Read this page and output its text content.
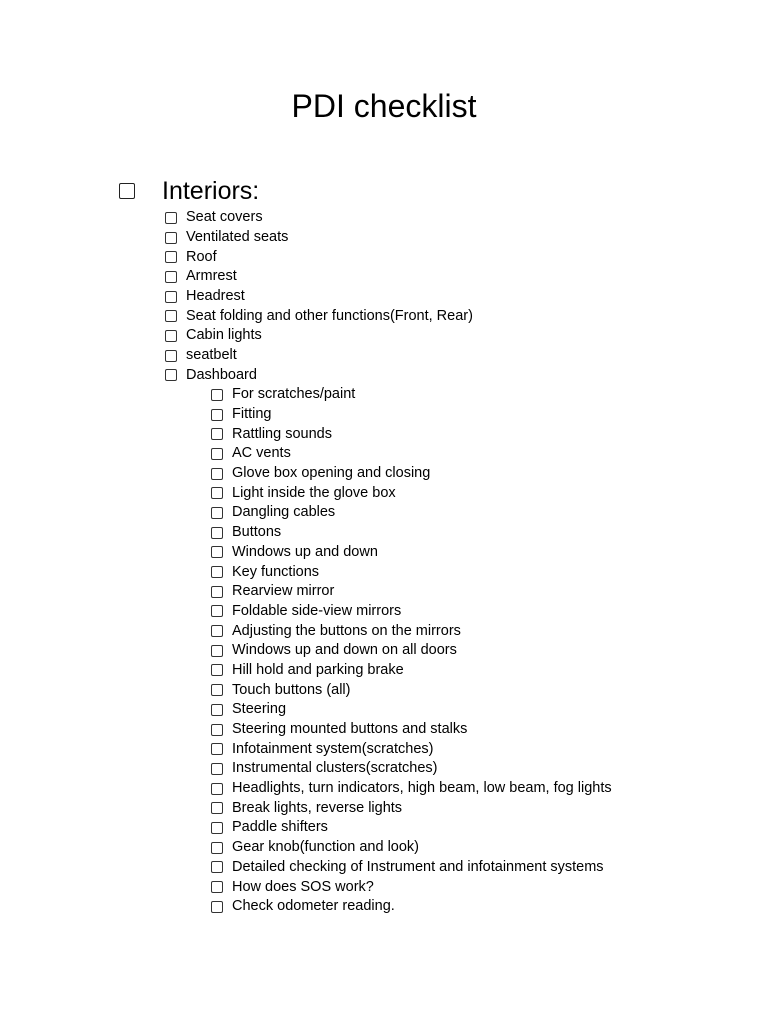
PDI checklist
Interiors:
Seat covers
Ventilated seats
Roof
Armrest
Headrest
Seat folding and other functions(Front, Rear)
Cabin lights
seatbelt
Dashboard
For scratches/paint
Fitting
Rattling sounds
AC vents
Glove box opening and closing
Light inside the glove box
Dangling cables
Buttons
Windows up and down
Key functions
Rearview mirror
Foldable side-view mirrors
Adjusting the buttons on the mirrors
Windows up and down on all doors
Hill hold and parking brake
Touch buttons (all)
Steering
Steering mounted buttons and stalks
Infotainment system(scratches)
Instrumental clusters(scratches)
Headlights, turn indicators, high beam, low beam, fog lights
Break lights, reverse lights
Paddle shifters
Gear knob(function and look)
Detailed checking of Instrument and infotainment systems
How does SOS work?
Check odometer reading.
